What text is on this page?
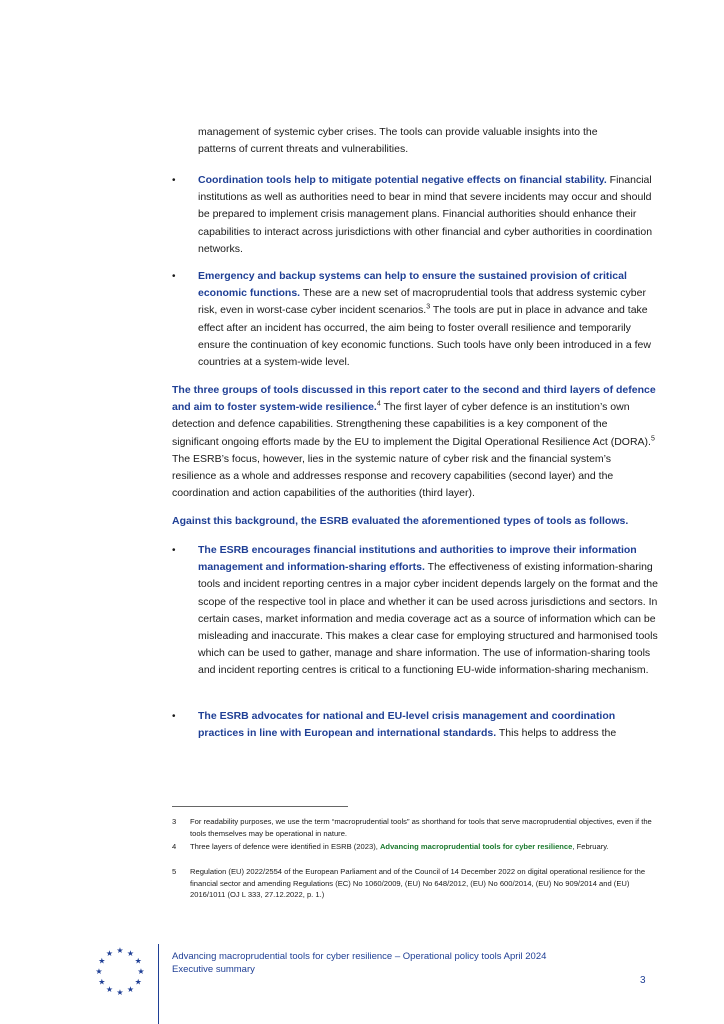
management of systemic cyber crises. The tools can provide valuable insights into the
patterns of current threats and vulnerabilities.

• Coordination tools help to mitigate potential negative effects on financial stability. Financial institutions as well as authorities need to bear in mind that severe incidents may occur and should be prepared to implement crisis management plans. Financial authorities should enhance their capabilities to interact across jurisdictions with other financial and cyber authorities in coordination networks.

• Emergency and backup systems can help to ensure the sustained provision of critical economic functions. These are a new set of macroprudential tools that address systemic cyber risk, even in worst-case cyber incident scenarios.$^3$ The tools are put in place in advance and take effect after an incident has occurred, the aim being to foster overall resilience and temporarily ensure the continuation of key economic functions. Such tools have only been introduced in a few countries at a system-wide level.

The three groups of tools discussed in this report cater to the second and third layers of defence and aim to foster system-wide resilience.$^4$ The first layer of cyber defence is an institution’s own detection and defence capabilities. Strengthening these capabilities is a key component of the significant ongoing efforts made by the EU to implement the Digital Operational Resilience Act (DORA).$^5$ The ESRB’s focus, however, lies in the systemic nature of cyber risk and the financial system’s resilience as a whole and addresses response and recovery capabilities (second layer) and the coordination and action capabilities of the authorities (third layer).

Against this background, the ESRB evaluated the aforementioned types of tools as follows.

• The ESRB encourages financial institutions and authorities to improve their information management and information-sharing efforts. The effectiveness of existing information-sharing tools and incident reporting centres in a major cyber incident depends largely on the format and the scope of the respective tool in place and whether it can be used across jurisdictions and sectors. In certain cases, market information and media coverage act as a source of information which can be misleading and inaccurate. This makes a clear case for employing structured and harmonised tools which can be used to gather, manage and share information. The use of information-sharing tools and incident reporting centres is critical to a functioning EU-wide information-sharing mechanism.

• The ESRB advocates for national and EU-level crisis management and coordination practices in line with European and international standards. This helps to address the

3 For readability purposes, we use the term “macroprudential tools” as shorthand for tools that serve macroprudential objectives, even if the tools themselves may be operational in nature.
4 Three layers of defence were identified in ESRB (2023), Advancing macroprudential tools for cyber resilience, February.
5 Regulation (EU) 2022/2554 of the European Parliament and of the Council of 14 December 2022 on digital operational resilience for the financial sector and amending Regulations (EC) No 1060/2009, (EU) No 648/2012, (EU) No 600/2014, (EU) No 909/2014 and (EU) 2016/1011 (OJ L 333, 27.12.2022, p. 1.)
★ ★
★
★
★
★
★
★
★
★
★
★	Advancing macroprudential tools for cyber resilience – Operational policy tools April 2024
Executive summary
3
